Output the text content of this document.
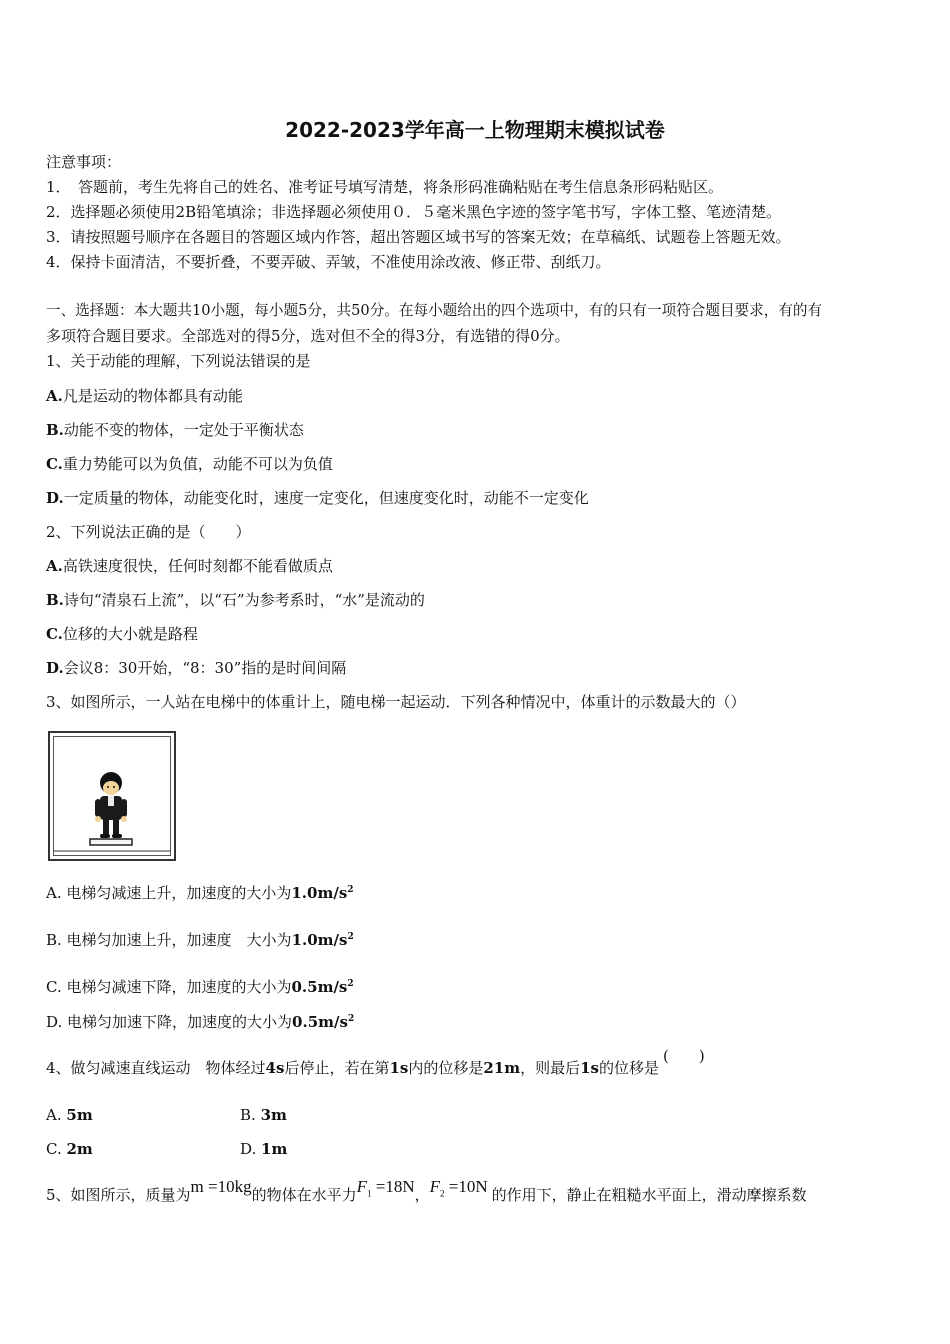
2022-2023学年高一上物理期末模拟试卷
注意事项：
1．　答题前，考生先将自己的姓名、准考证号填写清楚，将条形码准确粘贴在考生信息条形码粘贴区。
2．选择题必须使用2B铅笔填涂；非选择题必须使用０．５毫米黑色字迹的签字笔书写，字体工整、笔迹清楚。
3．请按照题号顺序在各题目的答题区域内作答，超出答题区域书写的答案无效；在草稿纸、试题卷上答题无效。
4．保持卡面清洁，不要折叠，不要弄破、弄皱，不准使用涂改液、修正带、刮纸刀。
一、选择题：本大题共10小题，每小题5分，共50分。在每小题给出的四个选项中，有的只有一项符合题目要求，有的有
多项符合题目要求。全部选对的得5分，选对但不全的得3分，有选错的得0分。
1、关于动能的理解，下列说法错误的是
A.凡是运动的物体都具有动能
B.动能不变的物体，一定处于平衡状态
C.重力势能可以为负值，动能不可以为负值
D.一定质量的物体，动能变化时，速度一定变化，但速度变化时，动能不一定变化
2、下列说法正确的是（　　）
A.高铁速度很快，任何时刻都不能看做质点
B.诗句“清泉石上流”，以“石”为参考系时，“水”是流动的
C.位移的大小就是路程
D.会议8：30开始，“8：30”指的是时间间隔
3、如图所示，一人站在电梯中的体重计上，随电梯一起运动．下列各种情况中，体重计的示数最大的（）
A. 电梯匀减速上升，加速度的大小为$1.0m/s^2$
B. 电梯匀加速上升，加速度　大小为$1.0m/s^2$
C. 电梯匀减速下降，加速度的大小为$0.5m/s^2$
D. 电梯匀加速下降，加速度的大小为$0.5m/s^2$
4、做匀减速直线运动　物体经过4s后停止，若在第1s内的位移是21m，则最后1s的位移是(　　)
A. 5m	B. 3m
C. 2m	D. 1m
5、如图所示，质量为m =10kg的物体在水平力$F_1 =18N$，$F_2 =10N$ 的作用下，静止在粗糙水平面上，滑动摩擦系数
